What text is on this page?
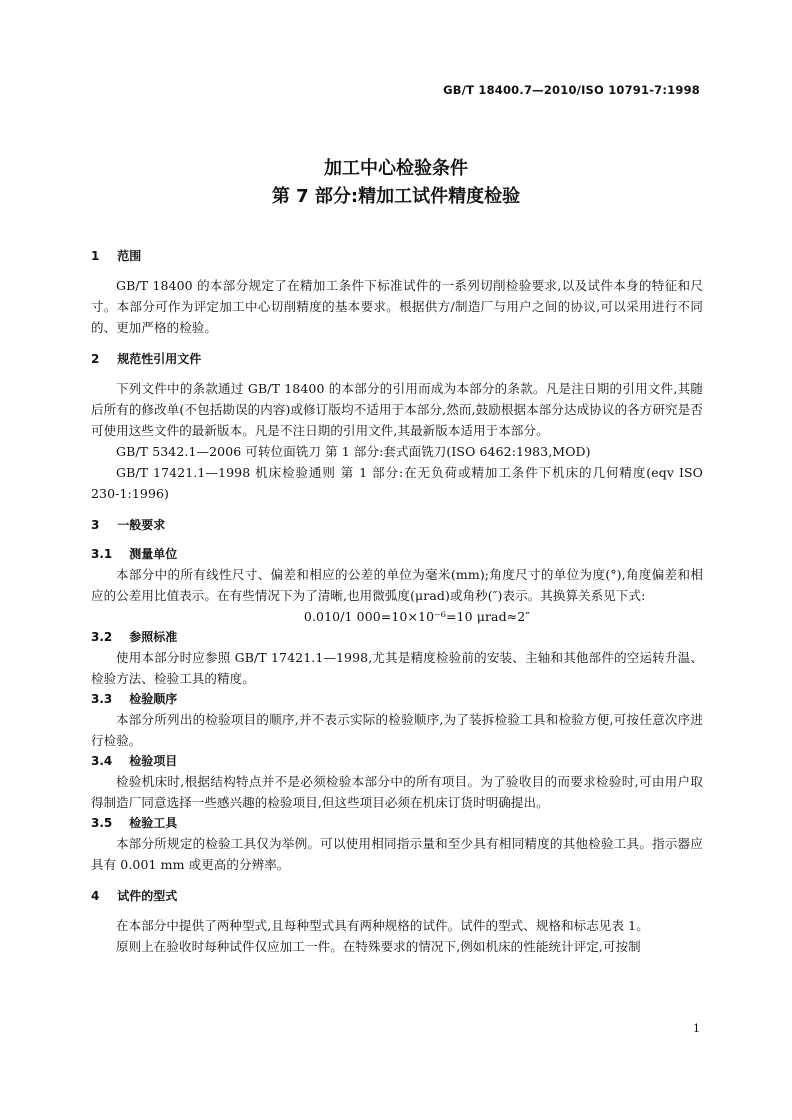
GB/T 18400.7—2010/ISO 10791-7:1998
加工中心检验条件
第 7 部分:精加工试件精度检验
1 范围

GB/T 18400 的本部分规定了在精加工条件下标准试件的一系列切削检验要求,以及试件本身的特征和尺寸。本部分可作为评定加工中心切削精度的基本要求。根据供方/制造厂与用户之间的协议,可以采用进行不同的、更加严格的检验。

2 规范性引用文件

下列文件中的条款通过 GB/T 18400 的本部分的引用而成为本部分的条款。凡是注日期的引用文件,其随后所有的修改单(不包括勘误的内容)或修订版均不适用于本部分,然而,鼓励根据本部分达成协议的各方研究是否可使用这些文件的最新版本。凡是不注日期的引用文件,其最新版本适用于本部分。

GB/T 5342.1—2006 可转位面铣刀 第 1 部分:套式面铣刀(ISO 6462:1983,MOD)

GB/T 17421.1—1998 机床检验通则 第 1 部分:在无负荷或精加工条件下机床的几何精度(eqv ISO 230-1:1996)

3 一般要求
3.1 测量单位

本部分中的所有线性尺寸、偏差和相应的公差的单位为毫米(mm);角度尺寸的单位为度(°),角度偏差和相应的公差用比值表示。在有些情况下为了清晰,也用微弧度(μrad)或角秒(″)表示。其换算关系见下式:

0.010/1 000=10×10⁻⁶=10 μrad≈2″

3.2 参照标准

使用本部分时应参照 GB/T 17421.1—1998,尤其是精度检验前的安装、主轴和其他部件的空运转升温、检验方法、检验工具的精度。

3.3 检验顺序

本部分所列出的检验项目的顺序,并不表示实际的检验顺序,为了装拆检验工具和检验方便,可按任意次序进行检验。

3.4 检验项目

检验机床时,根据结构特点并不是必须检验本部分中的所有项目。为了验收目的而要求检验时,可由用户取得制造厂同意选择一些感兴趣的检验项目,但这些项目必须在机床订货时明确提出。

3.5 检验工具

本部分所规定的检验工具仅为举例。可以使用相同指示量和至少具有相同精度的其他检验工具。指示器应具有 0.001 mm 或更高的分辨率。

4 试件的型式

在本部分中提供了两种型式,且每种型式具有两种规格的试件。试件的型式、规格和标志见表 1。

原则上在验收时每种试件仅应加工一件。在特殊要求的情况下,例如机床的性能统计评定,可按制

1
